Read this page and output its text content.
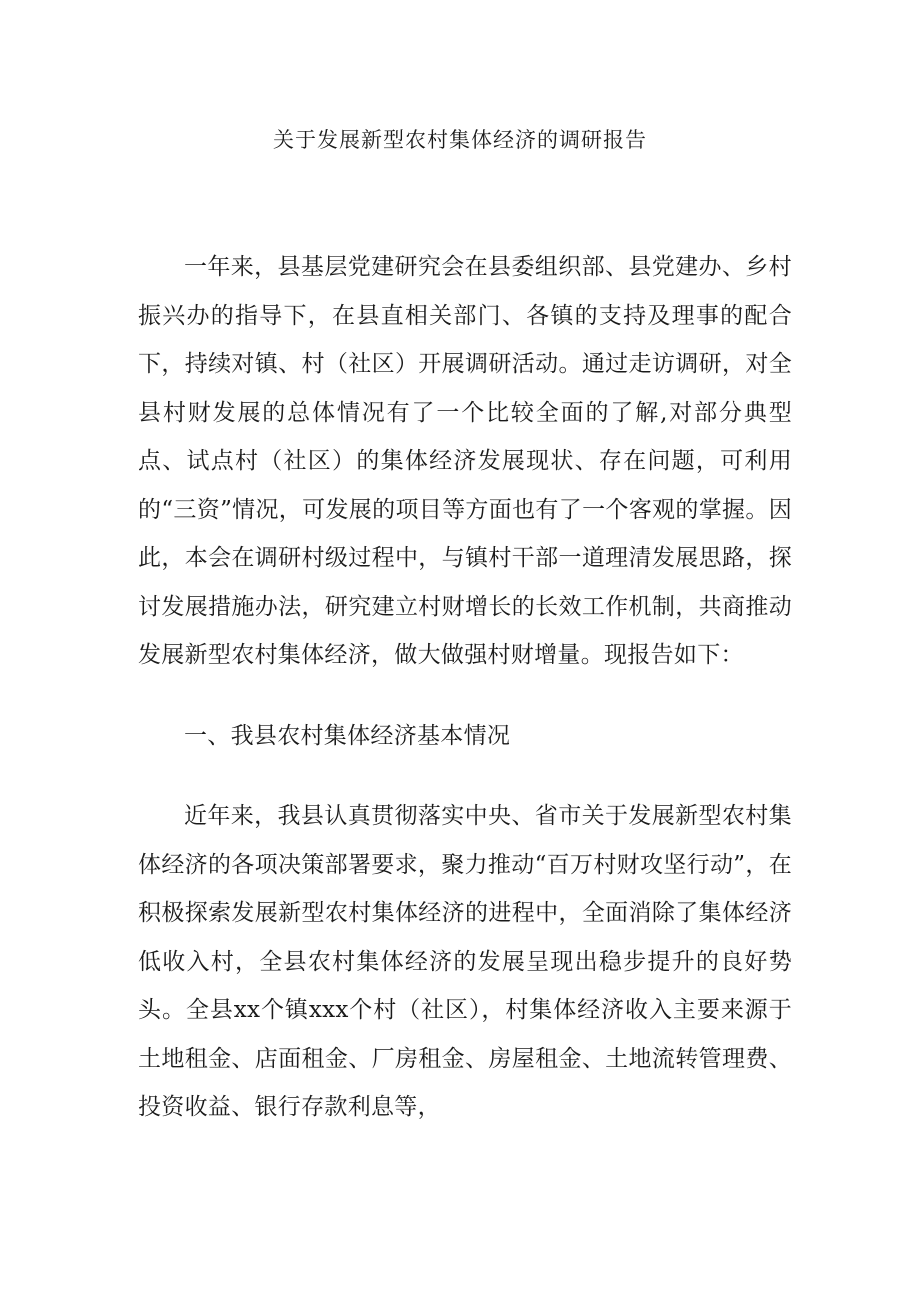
关于发展新型农村集体经济的调研报告

一年来，县基层党建研究会在县委组织部、县党建办、乡村振兴办的指导下，在县直相关部门、各镇的支持及理事的配合下，持续对镇、村（社区）开展调研活动。通过走访调研，对全县村财发展的总体情况有了一个比较全面的了解,对部分典型点、试点村（社区）的集体经济发展现状、存在问题，可利用的“三资”情况，可发展的项目等方面也有了一个客观的掌握。因此，本会在调研村级过程中，与镇村干部一道理清发展思路，探讨发展措施办法，研究建立村财增长的长效工作机制，共商推动发展新型农村集体经济，做大做强村财增量。现报告如下：

一、我县农村集体经济基本情况

近年来，我县认真贯彻落实中央、省市关于发展新型农村集体经济的各项决策部署要求，聚力推动“百万村财攻坚行动”，在积极探索发展新型农村集体经济的进程中，全面消除了集体经济低收入村，全县农村集体经济的发展呈现出稳步提升的良好势头。全县xx个镇xxx个村（社区），村集体经济收入主要来源于土地租金、店面租金、厂房租金、房屋租金、土地流转管理费、投资收益、银行存款利息等，
